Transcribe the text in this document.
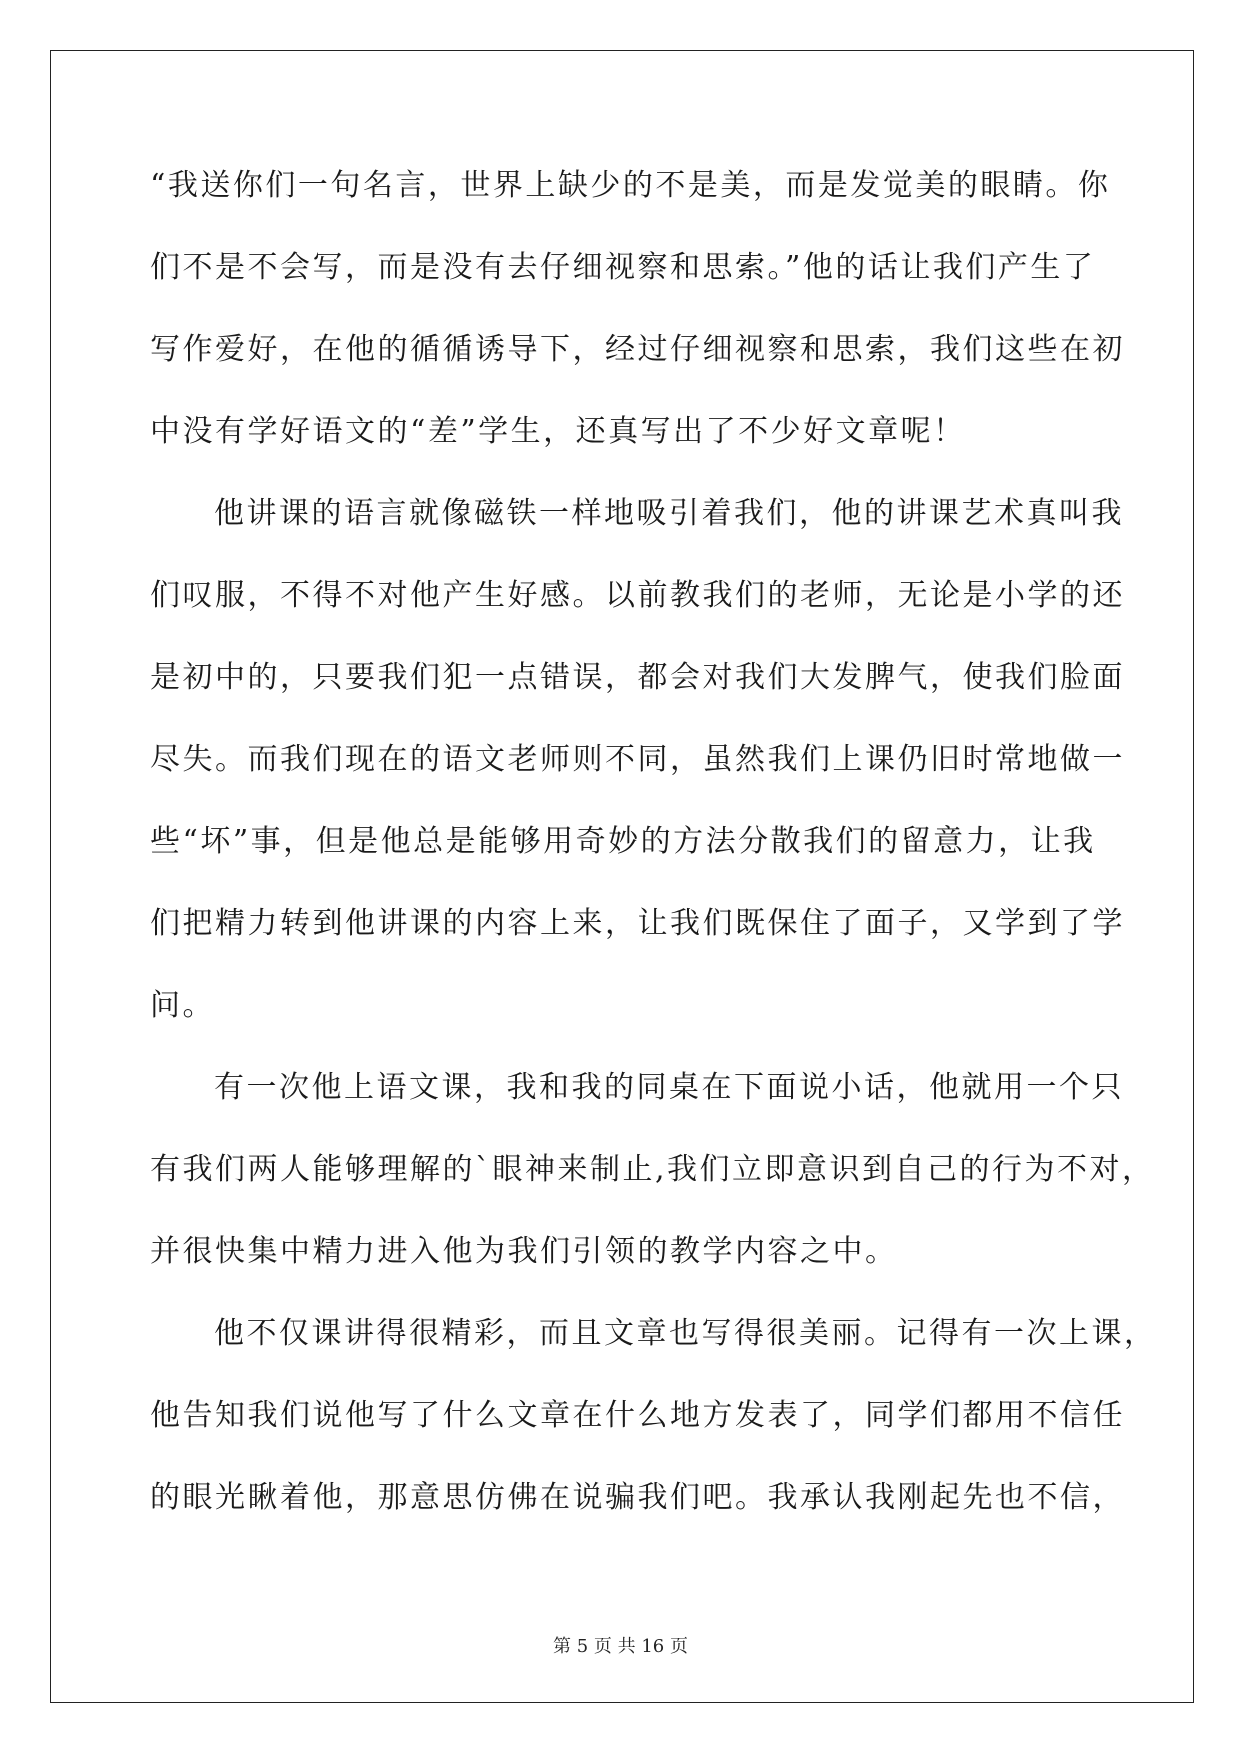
“我送你们一句名言，世界上缺少的不是美，而是发觉美的眼睛。你
们不是不会写，而是没有去仔细视察和思索。”他的话让我们产生了
写作爱好，在他的循循诱导下，经过仔细视察和思索，我们这些在初
中没有学好语文的“差”学生，还真写出了不少好文章呢！
他讲课的语言就像磁铁一样地吸引着我们，他的讲课艺术真叫我
们叹服，不得不对他产生好感。以前教我们的老师，无论是小学的还
是初中的，只要我们犯一点错误，都会对我们大发脾气，使我们脸面
尽失。而我们现在的语文老师则不同，虽然我们上课仍旧时常地做一
些“坏”事，但是他总是能够用奇妙的方法分散我们的留意力，让我
们把精力转到他讲课的内容上来，让我们既保住了面子，又学到了学
问。
有一次他上语文课，我和我的同桌在下面说小话，他就用一个只
有我们两人能够理解的`眼神来制止,我们立即意识到自己的行为不对，
并很快集中精力进入他为我们引领的教学内容之中。
他不仅课讲得很精彩，而且文章也写得很美丽。记得有一次上课，
他告知我们说他写了什么文章在什么地方发表了，同学们都用不信任
的眼光瞅着他，那意思仿佛在说骗我们吧。我承认我刚起先也不信，
第 5 页 共 16 页
